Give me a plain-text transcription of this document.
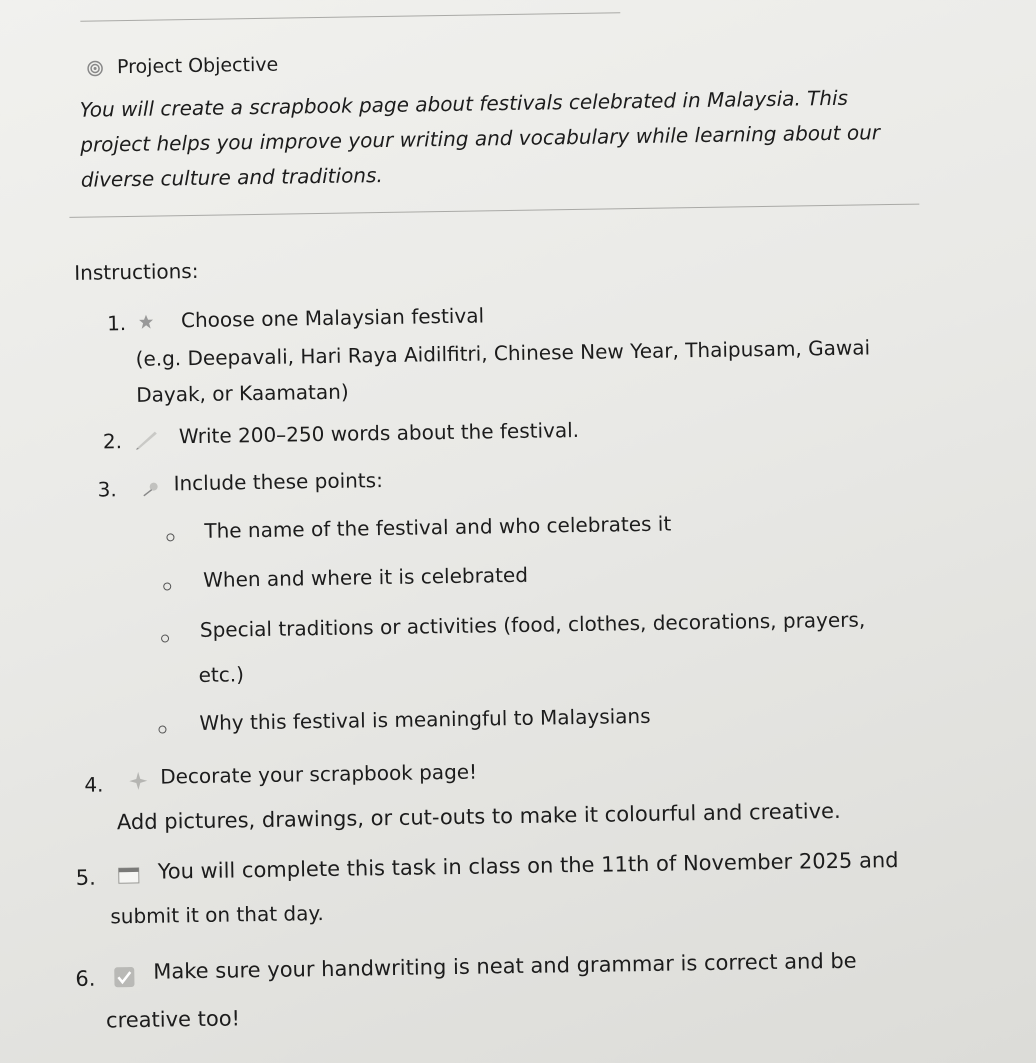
Project Objective
You will create a scrapbook page about festivals celebrated in Malaysia. This
project helps you improve your writing and vocabulary while learning about our
diverse culture and traditions.
Instructions:
1.	Choose one Malaysian festival
(e.g. Deepavali, Hari Raya Aidilfitri, Chinese New Year, Thaipusam, Gawai
Dayak, or Kaamatan)
2.	Write 200–250 words about the festival.
3.	Include these points:
The name of the festival and who celebrates it
When and where it is celebrated
Special traditions or activities (food, clothes, decorations, prayers,
etc.)
Why this festival is meaningful to Malaysians
4.	Decorate your scrapbook page!
Add pictures, drawings, or cut-outs to make it colourful and creative.
5.	You will complete this task in class on the 11th of November 2025 and
submit it on that day.
6.	Make sure your handwriting is neat and grammar is correct and be
creative too!
